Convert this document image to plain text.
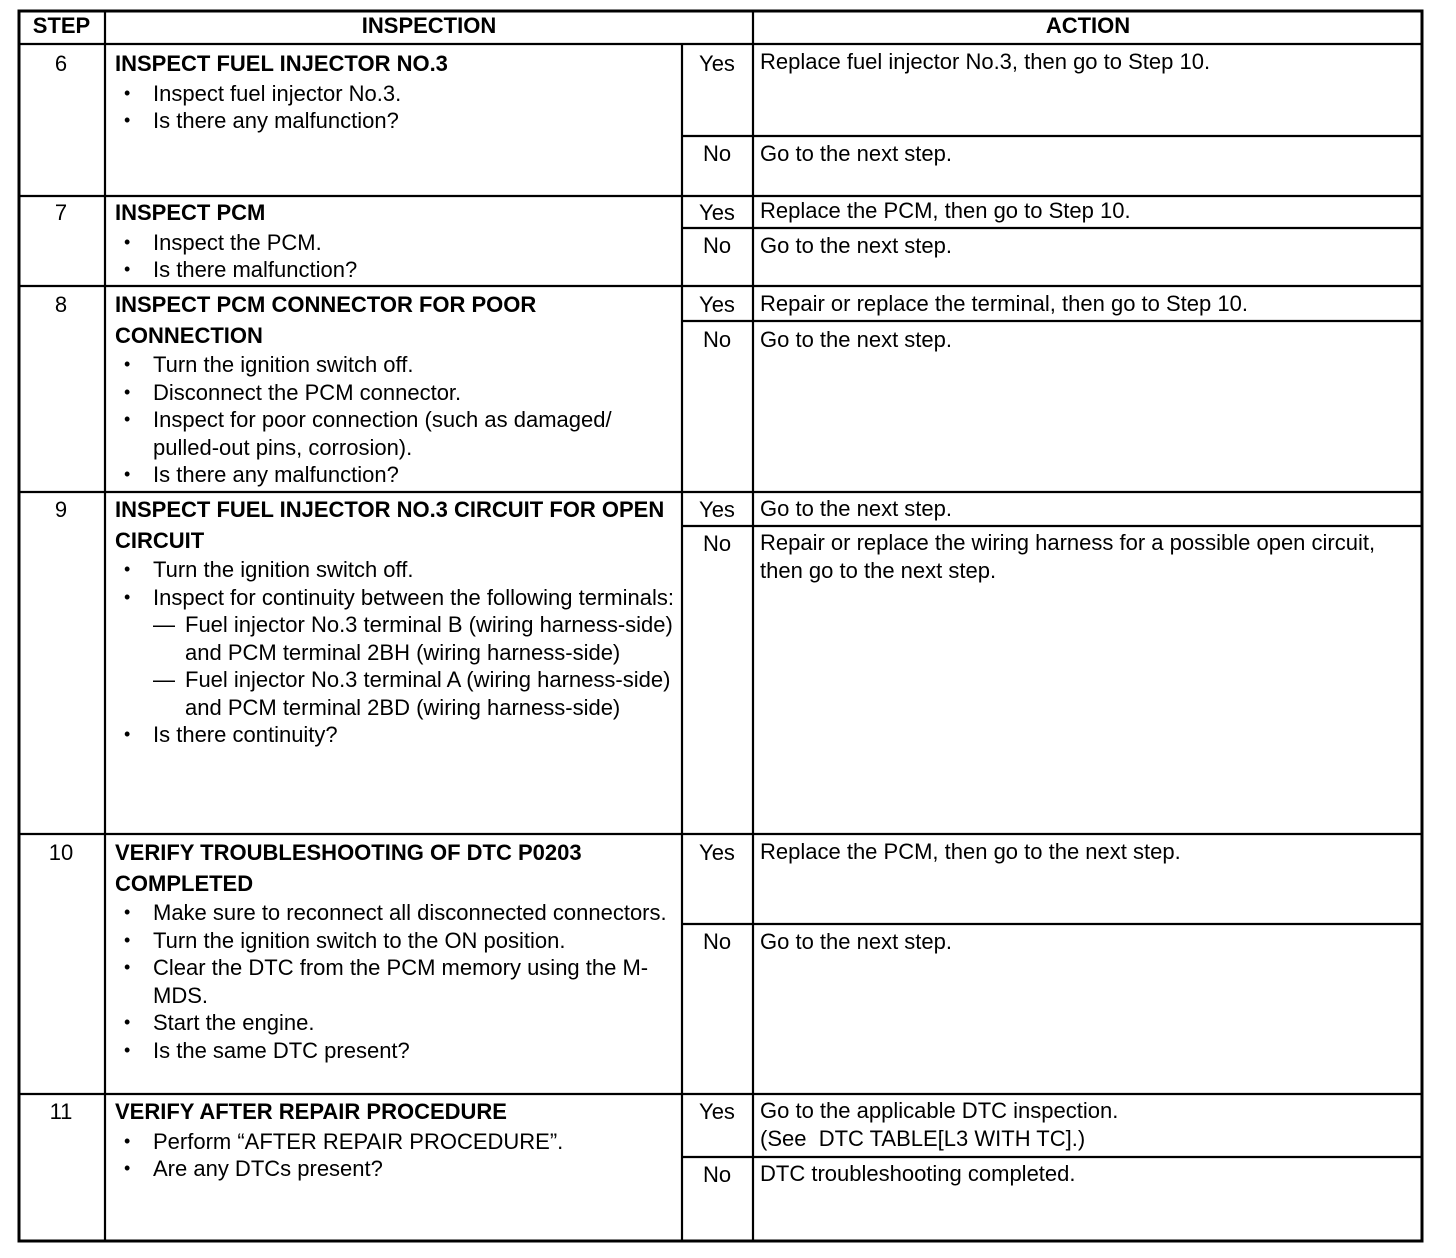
STEP	INSPECTION	ACTION
6	INSPECT FUEL INJECTOR NO.3
• Inspect fuel injector No.3.
• Is there any malfunction?
Yes	Replace fuel injector No.3, then go to Step 10.
No	Go to the next step.
7	INSPECT PCM
• Inspect the PCM.
• Is there malfunction?
Yes	Replace the PCM, then go to Step 10.
No	Go to the next step.
8	INSPECT PCM CONNECTOR FOR POOR CONNECTION
• Turn the ignition switch off.
• Disconnect the PCM connector.
• Inspect for poor connection (such as damaged/ pulled-out pins, corrosion).
• Is there any malfunction?
Yes	Repair or replace the terminal, then go to Step 10.
No	Go to the next step.
9	INSPECT FUEL INJECTOR NO.3 CIRCUIT FOR OPEN CIRCUIT
• Turn the ignition switch off.
• Inspect for continuity between the following terminals:
— Fuel injector No.3 terminal B (wiring harness-side) and PCM terminal 2BH (wiring harness-side)
— Fuel injector No.3 terminal A (wiring harness-side) and PCM terminal 2BD (wiring harness-side)
• Is there continuity?
Yes	Go to the next step.
No	Repair or replace the wiring harness for a possible open circuit, then go to the next step.
10	VERIFY TROUBLESHOOTING OF DTC P0203 COMPLETED
• Make sure to reconnect all disconnected connectors.
• Turn the ignition switch to the ON position.
• Clear the DTC from the PCM memory using the M-MDS.
• Start the engine.
• Is the same DTC present?
Yes	Replace the PCM, then go to the next step.
No	Go to the next step.
11	VERIFY AFTER REPAIR PROCEDURE
• Perform “AFTER REPAIR PROCEDURE”.
• Are any DTCs present?
Yes	Go to the applicable DTC inspection.
(See  DTC TABLE[L3 WITH TC].)
No	DTC troubleshooting completed.
